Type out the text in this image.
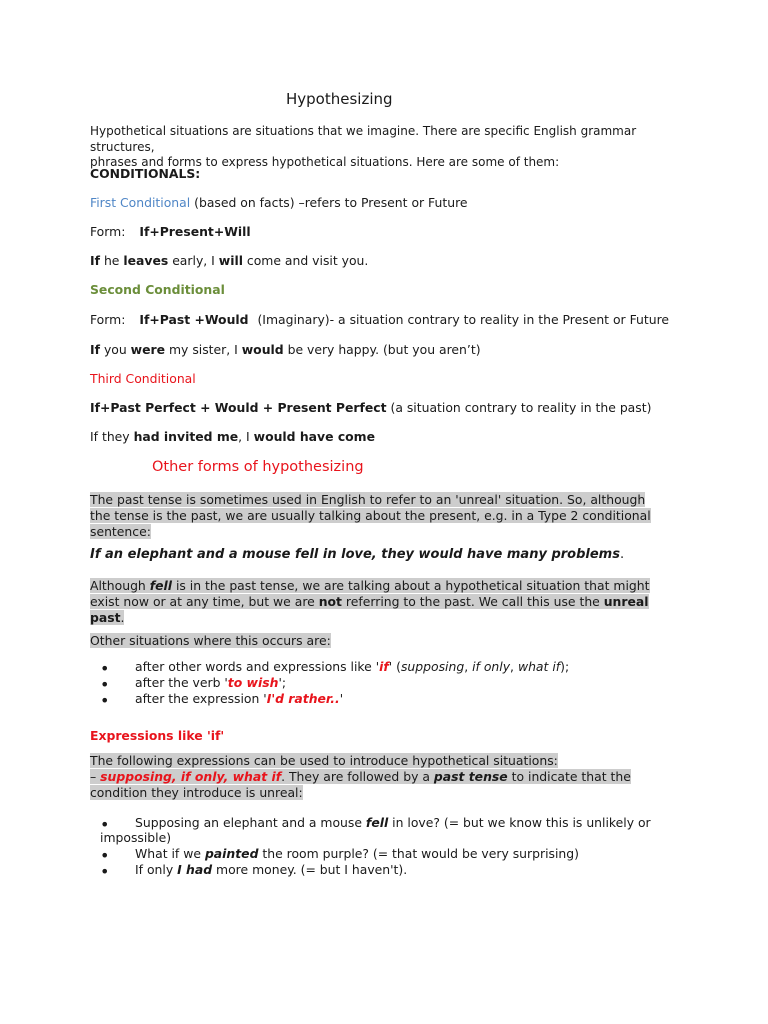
Hypothesizing
Hypothetical situations are situations that we imagine. There are specific English grammar structures,
phrases and forms to express hypothetical situations. Here are some of them:
CONDITIONALS:
First Conditional (based on facts) –refers to Present or Future
Form: If+Present+Will
If he leaves early, I will come and visit you.
Second Conditional
Form: If+Past +Would (Imaginary)- a situation contrary to reality in the Present or Future
If you were my sister, I would be very happy. (but you aren’t)
Third Conditional
If+Past Perfect + Would + Present Perfect (a situation contrary to reality in the past)
If they had invited me, I would have come
Other forms of hypothesizing
The past tense is sometimes used in English to refer to an 'unreal' situation. So, although
the tense is the past, we are usually talking about the present, e.g. in a Type 2 conditional
sentence:
If an elephant and a mouse fell in love, they would have many problems.
Although fell is in the past tense, we are talking about a hypothetical situation that might
exist now or at any time, but we are not referring to the past. We call this use the unreal
past.
Other situations where this occurs are:
• after other words and expressions like 'if' (supposing, if only, what if);
• after the verb 'to wish';
• after the expression 'I'd rather..'
Expressions like 'if'
The following expressions can be used to introduce hypothetical situations:
– supposing, if only, what if. They are followed by a past tense to indicate that the
condition they introduce is unreal:
• Supposing an elephant and a mouse fell in love? (= but we know this is unlikely or
impossible)
• What if we painted the room purple? (= that would be very surprising)
• If only I had more money. (= but I haven't).
